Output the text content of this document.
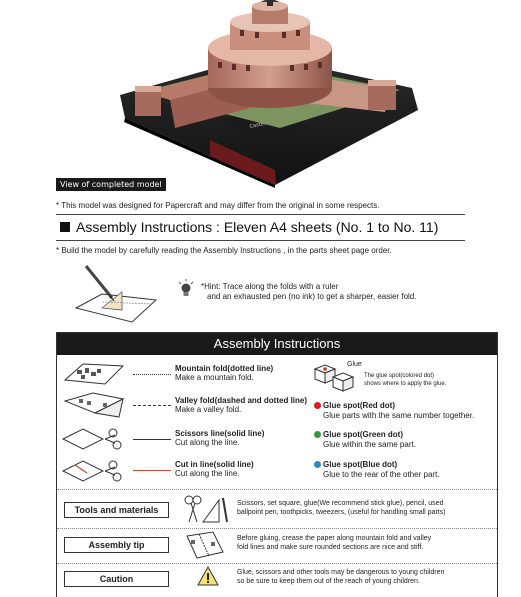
View of completed model
* This model was designed for Papercraft and may differ from the original in some respects.
Assembly Instructions : Eleven A4 sheets (No. 1 to No. 11)
* Build the model by carefully reading the Assembly Instructions , in the parts sheet page order.
*Hint: Trace along the folds with a ruler
and an exhausted pen (no ink) to get a sharper, easier fold.
Assembly Instructions
Mountain fold(dotted line)
Make a mountain fold.
Valley fold(dashed and dotted line)
Make a valley fold.
Scissors line(solid line)
Cut along the line.
Cut in line(solid line)
Cut along the line.
Glue
The glue spot(colored dot)
shows where to apply the glue.
Glue spot(Red dot)
Glue parts with the same number together.
Glue spot(Green dot)
Glue within the same part.
Glue spot(Blue dot)
Glue to the rear of the other part.
Tools and materials
Scissors, set square, glue(We recommend stick glue), pencil, used
ballpoint pen, toothpicks, tweezers, (useful for handling small parts)
Assembly tip
Before gluing, crease the paper along mountain fold and valley
fold lines and make sure rounded sections are nice and stiff.
Caution
Glue, scissors and other tools may be dangerous to young children
so be sure to keep them out of the reach of young children.
